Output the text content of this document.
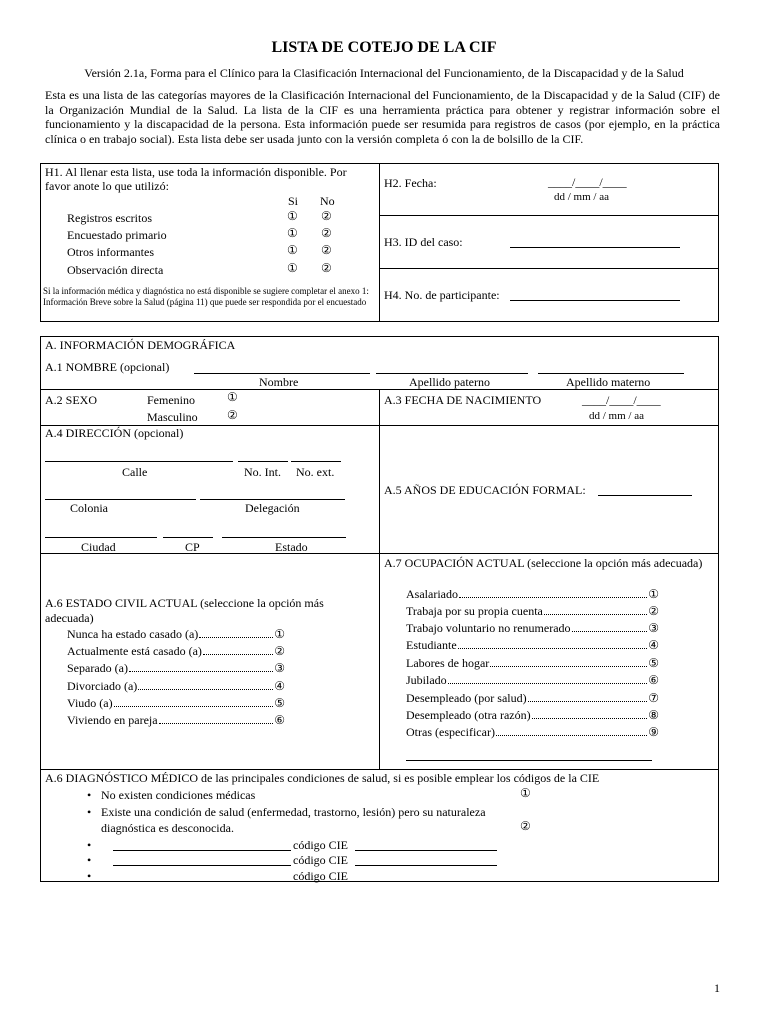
LISTA DE COTEJO DE LA CIF
Versión 2.1a, Forma para el Clínico para la Clasificación Internacional del Funcionamiento, de la Discapacidad y de la Salud
Esta es una lista de las categorías mayores de la Clasificación Internacional del Funcionamiento, de la Discapacidad y de la Salud (CIF) de la Organización Mundial de la Salud. La lista de la CIF es una herramienta práctica para obtener y registrar información sobre el funcionamiento y la discapacidad de la persona. Esta información puede ser resumida para registros de casos (por ejemplo, en la práctica clínica o en trabajo social). Esta lista debe ser usada junto con la versión completa ó con la de bolsillo de la CIF.
H1. Al llenar esta lista, use toda la información disponible. Por favor anote lo que utilizó:
Si No
Registros escritos	① ②
Encuestado primario	① ②
Otros informantes	① ②
Observación directa	① ②
Si la información médica y diagnóstica no está disponible se sugiere completar el anexo 1: Información Breve sobre la Salud (página 11) que puede ser respondida por el encuestado
H2. Fecha:	____/____/____
dd / mm / aa
H3. ID del caso:
H4. No. de participante:
A. INFORMACIÓN DEMOGRÁFICA
A.1 NOMBRE (opcional)
Nombre	Apellido paterno	Apellido materno
A.2 SEXO	Femenino	①
Masculino ②
A.3 FECHA DE NACIMIENTO	____/____/____
dd / mm / aa
A.4 DIRECCIÓN (opcional)
Calle	No. Int. No. ext.
Colonia	Delegación
Ciudad	CP	Estado
A.5 AÑOS DE EDUCACIÓN FORMAL:
A.6 ESTADO CIVIL ACTUAL (seleccione la opción más adecuada)
Nunca ha estado casado (a)	①
Actualmente está casado (a)	②
Separado (a)	③
Divorciado (a)	④
Viudo (a)	⑤
Viviendo en pareja	⑥
A.7 OCUPACIÓN ACTUAL (seleccione la opción más adecuada)
Asalariado	①
Trabaja por su propia cuenta	②
Trabajo voluntario no renumerado	③
Estudiante	④
Labores de hogar	⑤
Jubilado	⑥
Desempleado (por salud)	⑦
Desempleado (otra razón)	⑧
Otras (especificar)	⑨
A.6 DIAGNÓSTICO MÉDICO de las principales condiciones de salud, si es posible emplear los códigos de la CIE
• No existen condiciones médicas	①
• Existe una condición de salud (enfermedad, trastorno, lesión) pero su naturaleza
diagnóstica es desconocida.	②
código CIE
código CIE
código CIE
1
